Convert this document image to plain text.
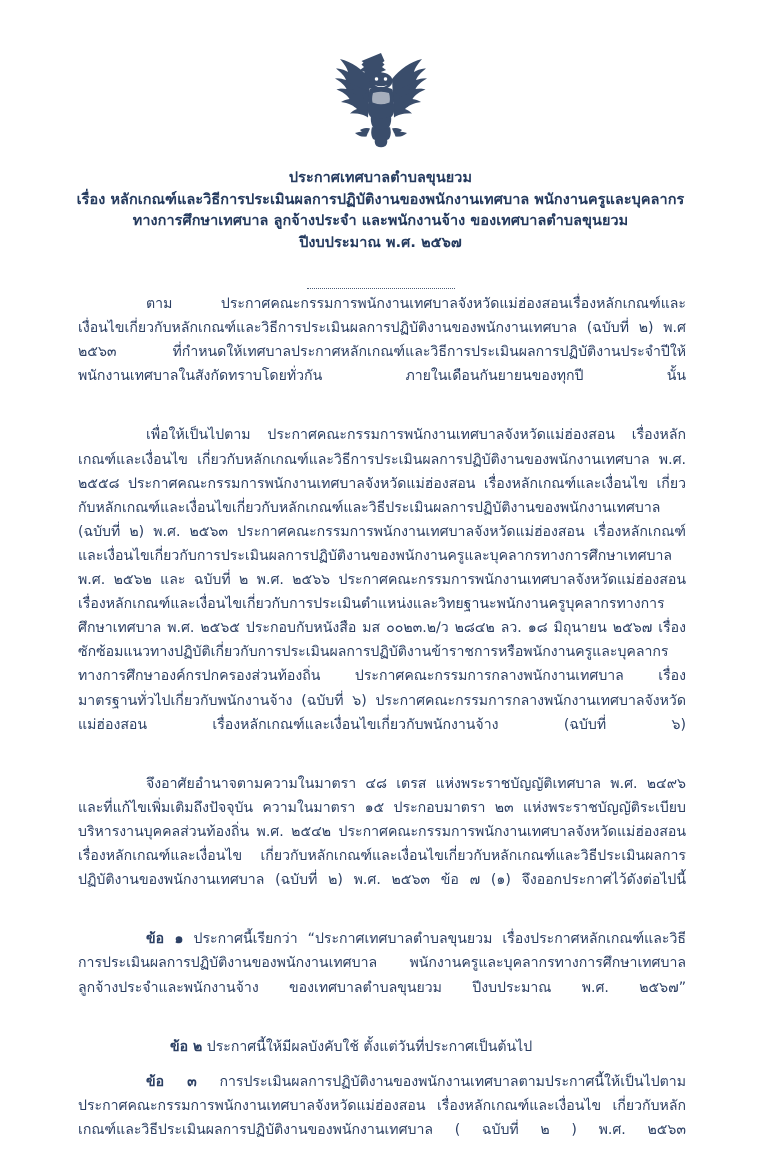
ประกาศเทศบาลตำบลขุนยวม
เรื่อง หลักเกณฑ์และวิธีการประเมินผลการปฏิบัติงานของพนักงานเทศบาล พนักงานครูและบุคลากร
ทางการศึกษาเทศบาล ลูกจ้างประจำ และพนักงานจ้าง ของเทศบาลตำบลขุนยวม
ปีงบประมาณ พ.ศ. ๒๕๖๗

ตาม ประกาศคณะกรรมการพนักงานเทศบาลจังหวัดแม่ฮ่องสอนเรื่องหลักเกณฑ์และเงื่อนไขเกี่ยวกับหลักเกณฑ์และวิธีการประเมินผลการปฏิบัติงานของพนักงานเทศบาล (ฉบับที่ ๒) พ.ศ ๒๕๖๓ ที่กำหนดให้เทศบาลประกาศหลักเกณฑ์และวิธีการประเมินผลการปฏิบัติงานประจำปีให้พนักงานเทศบาลในสังกัดทราบโดยทั่วกัน ภายในเดือนกันยายนของทุกปี นั้น

เพื่อให้เป็นไปตาม ประกาศคณะกรรมการพนักงานเทศบาลจังหวัดแม่ฮ่องสอน เรื่องหลักเกณฑ์และเงื่อนไข เกี่ยวกับหลักเกณฑ์และวิธีการประเมินผลการปฏิบัติงานของพนักงานเทศบาล พ.ศ. ๒๕๕๘ ประกาศคณะกรรมการพนักงานเทศบาลจังหวัดแม่ฮ่องสอน เรื่องหลักเกณฑ์และเงื่อนไข เกี่ยวกับหลักเกณฑ์และเงื่อนไขเกี่ยวกับหลักเกณฑ์และวิธีประเมินผลการปฏิบัติงานของพนักงานเทศบาล (ฉบับที่ ๒) พ.ศ. ๒๕๖๓ ประกาศคณะกรรมการพนักงานเทศบาลจังหวัดแม่ฮ่องสอน เรื่องหลักเกณฑ์และเงื่อนไขเกี่ยวกับการประเมินผลการปฏิบัติงานของพนักงานครูและบุคลากรทางการศึกษาเทศบาล พ.ศ. ๒๕๖๒ และ ฉบับที่ ๒ พ.ศ. ๒๕๖๖ ประกาศคณะกรรมการพนักงานเทศบาลจังหวัดแม่ฮ่องสอน เรื่องหลักเกณฑ์และเงื่อนไขเกี่ยวกับการประเมินตำแหน่งและวิทยฐานะพนักงานครูบุคลากรทางการศึกษาเทศบาล พ.ศ. ๒๕๖๕ ประกอบกับหนังสือ มส ๐๐๒๓.๒/ว ๒๘๔๒ ลว. ๑๘ มิถุนายน ๒๕๖๗ เรื่องซักซ้อมแนวทางปฏิบัติเกี่ยวกับการประเมินผลการปฏิบัติงานข้าราชการหรือพนักงานครูและบุคลากรทางการศึกษาองค์กรปกครองส่วนท้องถิ่น ประกาศคณะกรรมการกลางพนักงานเทศบาล เรื่อง มาตรฐานทั่วไปเกี่ยวกับพนักงานจ้าง (ฉบับที่ ๖) ประกาศคณะกรรมการกลางพนักงานเทศบาลจังหวัดแม่ฮ่องสอน เรื่องหลักเกณฑ์และเงื่อนไขเกี่ยวกับพนักงานจ้าง (ฉบับที่ ๖)

จึงอาศัยอำนาจตามความในมาตรา ๔๘ เตรส แห่งพระราชบัญญัติเทศบาล พ.ศ. ๒๔๙๖ และที่แก้ไขเพิ่มเติมถึงปัจจุบัน ความในมาตรา ๑๕ ประกอบมาตรา ๒๓ แห่งพระราชบัญญัติระเบียบบริหารงานบุคคลส่วนท้องถิ่น พ.ศ. ๒๕๔๒ ประกาศคณะกรรมการพนักงานเทศบาลจังหวัดแม่ฮ่องสอน เรื่องหลักเกณฑ์และเงื่อนไข เกี่ยวกับหลักเกณฑ์และเงื่อนไขเกี่ยวกับหลักเกณฑ์และวิธีประเมินผลการปฏิบัติงานของพนักงานเทศบาล (ฉบับที่ ๒) พ.ศ. ๒๕๖๓ ข้อ ๗ (๑) จึงออกประกาศไว้ดังต่อไปนี้

ข้อ ๑ ประกาศนี้เรียกว่า “ประกาศเทศบาลตำบลขุนยวม เรื่องประกาศหลักเกณฑ์และวิธีการประเมินผลการปฏิบัติงานของพนักงานเทศบาล พนักงานครูและบุคลากรทางการศึกษาเทศบาล ลูกจ้างประจำและพนักงานจ้าง ของเทศบาลตำบลขุนยวม ปีงบประมาณ พ.ศ. ๒๕๖๗”

ข้อ ๒ ประกาศนี้ให้มีผลบังคับใช้ ตั้งแต่วันที่ประกาศเป็นต้นไป

ข้อ ๓ การประเมินผลการปฏิบัติงานของพนักงานเทศบาลตามประกาศนี้ให้เป็นไปตามประกาศคณะกรรมการพนักงานเทศบาลจังหวัดแม่ฮ่องสอน เรื่องหลักเกณฑ์และเงื่อนไข เกี่ยวกับหลักเกณฑ์และวิธีประเมินผลการปฏิบัติงานของพนักงานเทศบาล ( ฉบับที่ ๒ ) พ.ศ. ๒๕๖๓
